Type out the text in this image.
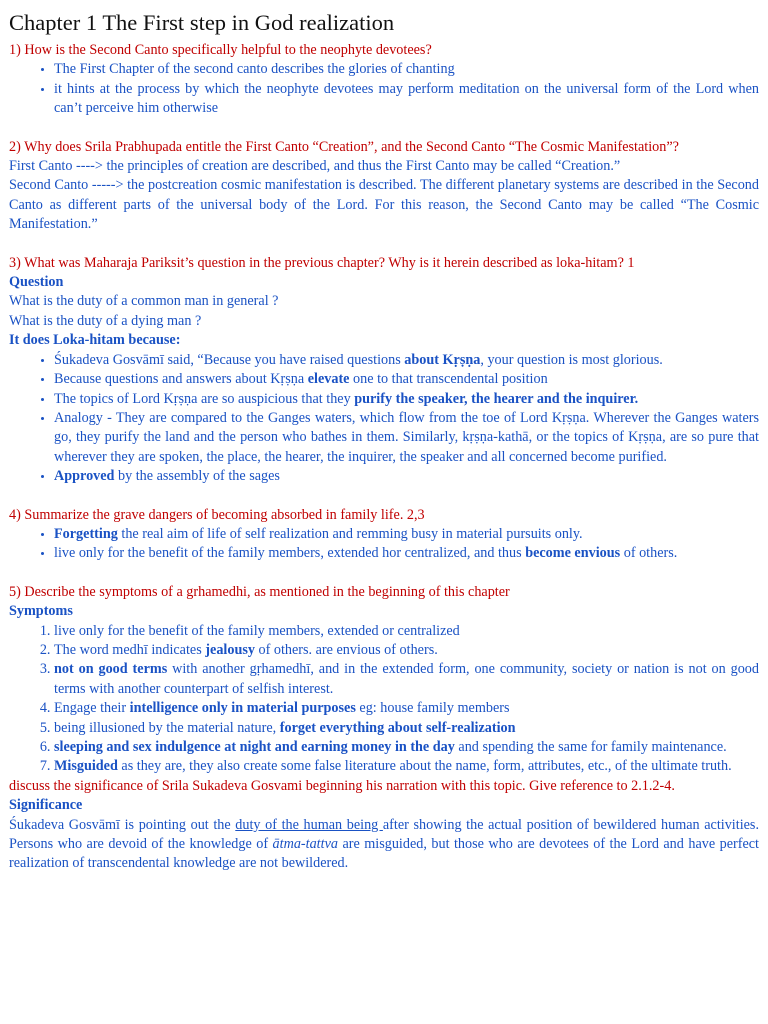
Chapter 1 The First step in God realization

1) How is the Second Canto specifically helpful to the neophyte devotees?

• The First Chapter of the second canto describes the glories of chanting
• it hints at the process by which the neophyte devotees may perform meditation on the universal form of the Lord when can’t perceive him otherwise

2) Why does Srila Prabhupada entitle the First Canto “Creation”, and the Second Canto “The Cosmic Manifestation”?

First Canto ----> the principles of creation are described, and thus the First Canto may be called “Creation.”

Second Canto -----> the postcreation cosmic manifestation is described. The different planetary systems are described in the Second Canto as different parts of the universal body of the Lord. For this reason, the Second Canto may be called “The Cosmic Manifestation.”

3) What was Maharaja Pariksit’s question in the previous chapter? Why is it herein described as loka-hitam? 1

Question

What is the duty of a common man in general ?

What is the duty of a dying man ?

It does Loka-hitam because:

• Śukadeva Gosvāmī said, “Because you have raised questions about Kṛṣṇa, your question is most glorious.
• Because questions and answers about Kṛṣṇa elevate one to that transcendental position
• The topics of Lord Kṛṣṇa are so auspicious that they purify the speaker, the hearer and the inquirer.
• Analogy - They are compared to the Ganges waters, which flow from the toe of Lord Kṛṣṇa. Wherever the Ganges waters go, they purify the land and the person who bathes in them. Similarly, kṛṣṇa-kathā, or the topics of Kṛṣṇa, are so pure that wherever they are spoken, the place, the hearer, the inquirer, the speaker and all concerned become purified.
• Approved by the assembly of the sages

4) Summarize the grave dangers of becoming absorbed in family life. 2,3

• Forgetting the real aim of life of self realization and remming busy in material pursuits only.
• live only for the benefit of the family members, extended hor centralized, and thus become envious of others.

5) Describe the symptoms of a grhamedhi, as mentioned in the beginning of this chapter

Symptoms

1. live only for the benefit of the family members, extended or centralized
2. The word medhī indicates jealousy of others. are envious of others.
3. not on good terms with another gṛhamedhī, and in the extended form, one community, society or nation is not on good terms with another counterpart of selfish interest.
4. Engage their intelligence only in material purposes eg: house family members
5. being illusioned by the material nature, forget everything about self-realization
6. sleeping and sex indulgence at night and earning money in the day and spending the same for family maintenance.
7. Misguided as they are, they also create some false literature about the name, form, attributes, etc., of the ultimate truth.

discuss the significance of Srila Sukadeva Gosvami beginning his narration with this topic. Give reference to 2.1.2-4.

Significance

Śukadeva Gosvāmī is pointing out the duty of the human being after showing the actual position of bewildered human activities. Persons who are devoid of the knowledge of ātma-tattva are misguided, but those who are devotees of the Lord and have perfect realization of transcendental knowledge are not bewildered.
